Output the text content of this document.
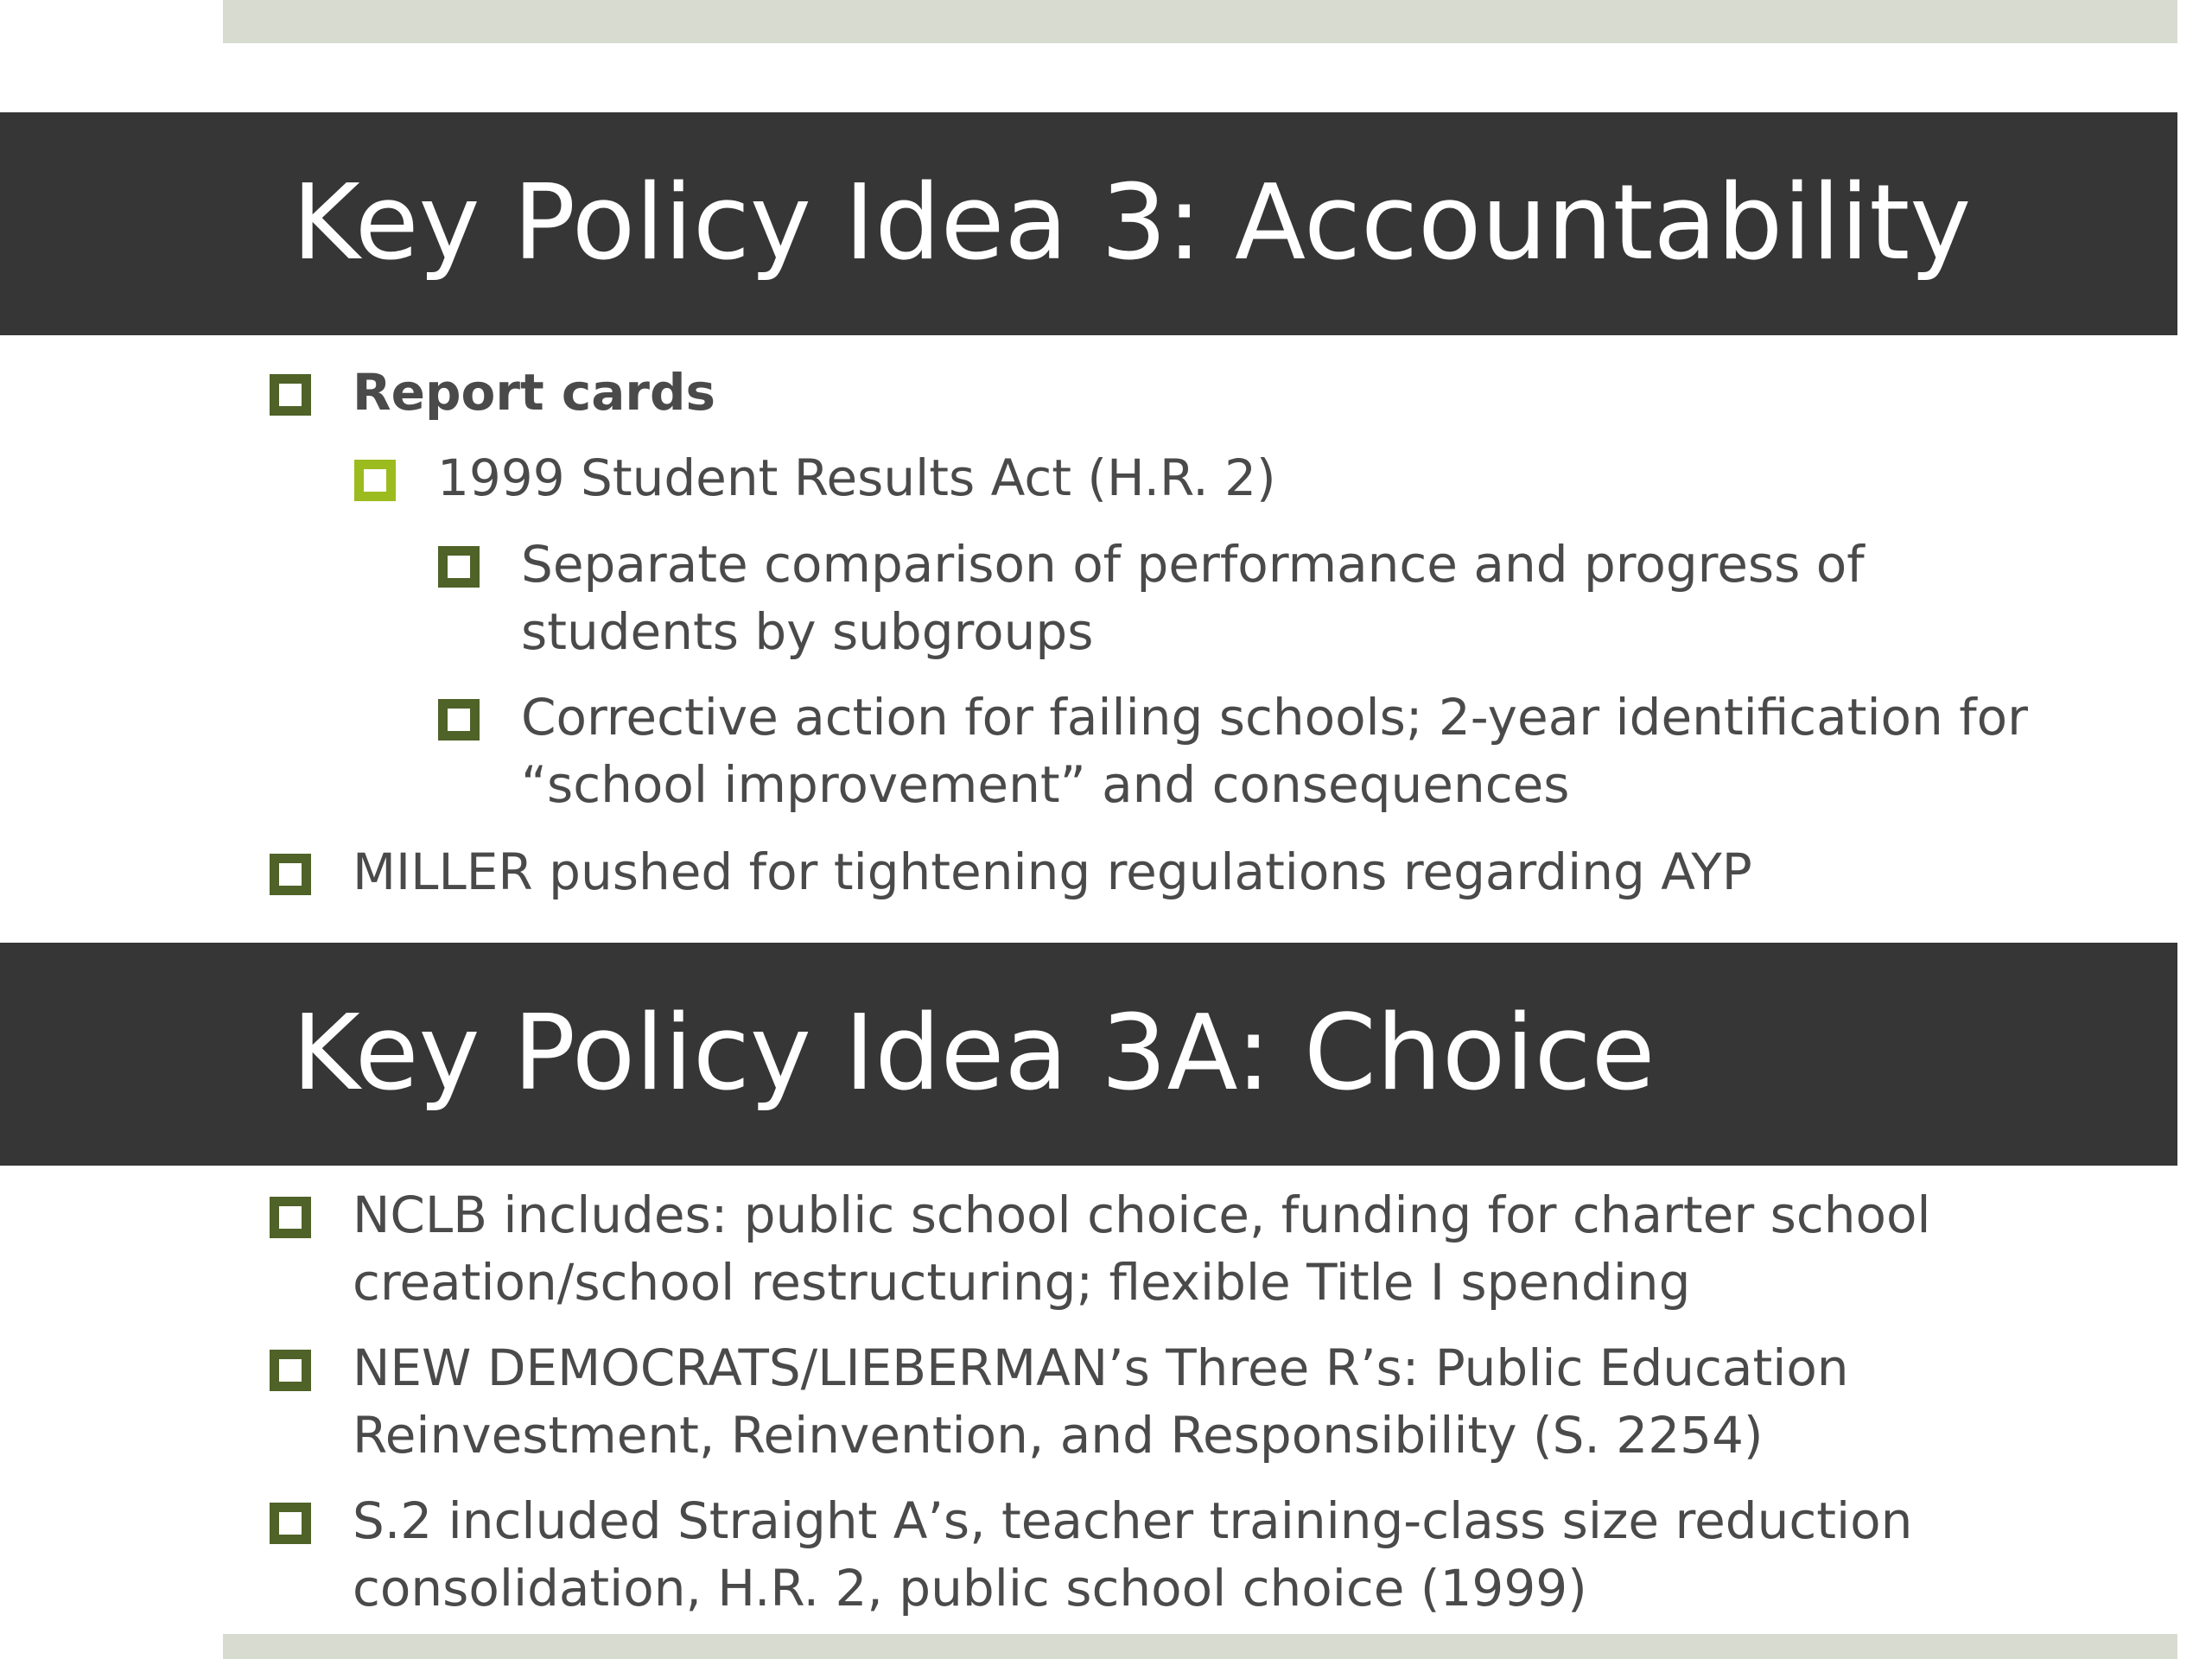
Key Policy Idea 3: Accountability
Report cards
1999 Student Results Act (H.R. 2)
Separate comparison of performance and progress of students by subgroups
Corrective action for failing schools; 2-year identification for “school improvement” and consequences
MILLER pushed for tightening regulations regarding AYP
Key Policy Idea 3A: Choice
NCLB includes: public school choice, funding for charter school creation/school restructuring; flexible Title I spending
NEW DEMOCRATS/LIEBERMAN’s Three R’s: Public Education Reinvestment, Reinvention, and Responsibility (S. 2254)
S.2 included Straight A’s, teacher training-class size reduction consolidation, H.R. 2, public school choice (1999)
